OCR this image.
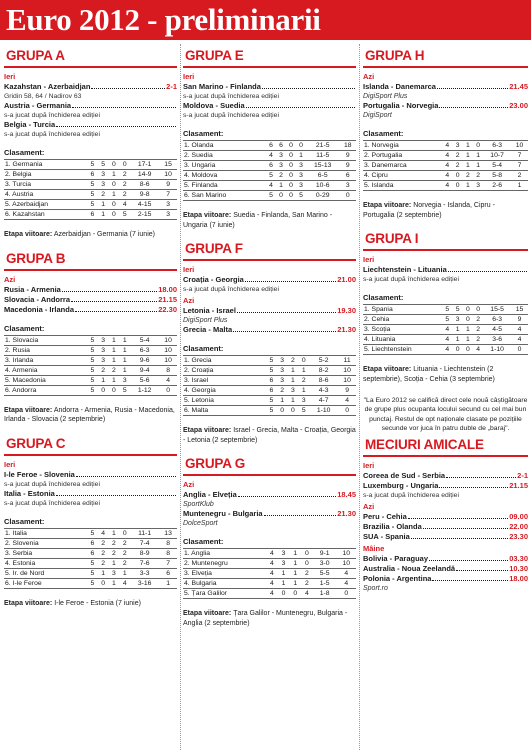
Euro 2012 - preliminarii
GRUPA A
Ieri
Kazahstan - Azerbaidjan	2-1
Gridin 58, 64 / Nadirov 63
Austria - Germania
s-a jucat după închiderea ediției
Belgia - Turcia
s-a jucat după închiderea ediției
Clasament:
1. Germania	5	5	0	0	17-1	15
2. Belgia	6	3	1	2	14-9	10
3. Turcia	5	3	0	2	8-6	9
4. Austria	5	2	1	2	9-8	7
5. Azerbaidjan	5	1	0	4	4-15	3
6. Kazahstan	6	1	0	5	2-15	3
Etapa viitoare: Azerbaidjan - Germania (7 iunie)
GRUPA B
Azi
Rusia - Armenia	18.00
Slovacia - Andorra	21.15
Macedonia - Irlanda	22.30
Clasament:
1. Slovacia	5	3	1	1	5-4	10
2. Rusia	5	3	1	1	6-3	10
3. Irlanda	5	3	1	1	9-6	10
4. Armenia	5	2	2	1	9-4	8
5. Macedonia	5	1	1	3	5-6	4
6. Andorra	5	0	0	5	1-12	0
Etapa viitoare: Andorra - Armenia, Rusia - Macedonia, Irlanda - Slovacia (2 septembrie)
GRUPA C
Ieri
I-le Feroe - Slovenia
s-a jucat după închiderea ediției
Italia - Estonia
s-a jucat după închiderea ediției
Clasament:
1. Italia	5	4	1	0	11-1	13
2. Slovenia	6	2	2	2	7-4	8
3. Serbia	6	2	2	2	8-9	8
4. Estonia	5	2	1	2	7-6	7
5. Ir. de Nord	5	1	3	1	3-3	6
6. I-le Feroe	5	0	1	4	3-16	1
Etapa viitoare: I-le Feroe - Estonia (7 iunie)
GRUPA E
Ieri
San Marino - Finlanda
s-a jucat după închiderea ediției
Moldova - Suedia
s-a jucat după închiderea ediției
Clasament:
1. Olanda	6	6	0	0	21-5	18
2. Suedia	4	3	0	1	11-5	9
3. Ungaria	6	3	0	3	15-13	9
4. Moldova	5	2	0	3	6-5	6
5. Finlanda	4	1	0	3	10-6	3
6. San Marino	5	0	0	5	0-29	0
Etapa viitoare: Suedia - Finlanda, San Marino - Ungaria (7 iunie)
GRUPA F
Ieri
Croația - Georgia	21.00
s-a jucat după închiderea ediției
Azi
Letonia - Israel	19.30
DigiSport Plus
Grecia - Malta	21.30
Clasament:
1. Grecia	5	3	2	0	5-2	11
2. Croația	5	3	1	1	8-2	10
3. Israel	6	3	1	2	8-6	10
4. Georgia	6	2	3	1	4-3	9
5. Letonia	5	1	1	3	4-7	4
6. Malta	5	0	0	5	1-10	0
Etapa viitoare: Israel - Grecia, Malta - Croația, Georgia - Letonia (2 septembrie)
GRUPA G
Azi
Anglia - Elveția	18.45
SportKlub
Muntenegru - Bulgaria	21.30
DolceSport
Clasament:
1. Anglia	4	3	1	0	9-1	10
2. Muntenegru	4	3	1	0	3-0	10
3. Elveția	4	1	1	2	5-5	4
4. Bulgaria	4	1	1	2	1-5	4
5. Țara Galilor	4	0	0	4	1-8	0
Etapa viitoare: Țara Galilor - Muntenegru, Bulgaria - Anglia (2 septembrie)
GRUPA H
Azi
Islanda - Danemarca	21.45
DigiSport Plus
Portugalia - Norvegia	23.00
DigiSport
Clasament:
1. Norvegia	4	3	1	0	6-3	10
2. Portugalia	4	2	1	1	10-7	7
3. Danemarca	4	2	1	1	5-4	7
4. Cipru	4	0	2	2	5-8	2
5. Islanda	4	0	1	3	2-6	1
Etapa viitoare: Norvegia - Islanda, Cipru - Portugalia (2 septembrie)
GRUPA I
Ieri
Liechtenstein - Lituania
s-a jucat după închiderea ediției
Clasament:
1. Spania	5	5	0	0	15-5	15
2. Cehia	5	3	0	2	6-3	9
3. Scoția	4	1	1	2	4-5	4
4. Lituania	4	1	1	2	3-6	4
5. Liechtenstein	4	0	0	4	1-10	0
Etapa viitoare: Lituania - Liechtenstein (2 septembrie), Scoția - Cehia (3 septembrie)
"La Euro 2012 se califică direct cele nouă câștigătoare de grupe plus ocupanta locului secund cu cel mai bun punctaj. Restul de opt naționale clasate pe pozițiile secunde vor juca în patru duble de „baraj".
MECIURI AMICALE
Ieri
Coreea de Sud - Serbia	2-1
Luxemburg - Ungaria	21.15
s-a jucat după închiderea ediției
Azi
Peru - Cehia	09.00
Brazilia - Olanda	22.00
SUA - Spania	23.30
Mâine
Bolivia - Paraguay	03.30
Australia - Noua Zeelandă	10.30
Polonia - Argentina	18.00
Sport.ro
